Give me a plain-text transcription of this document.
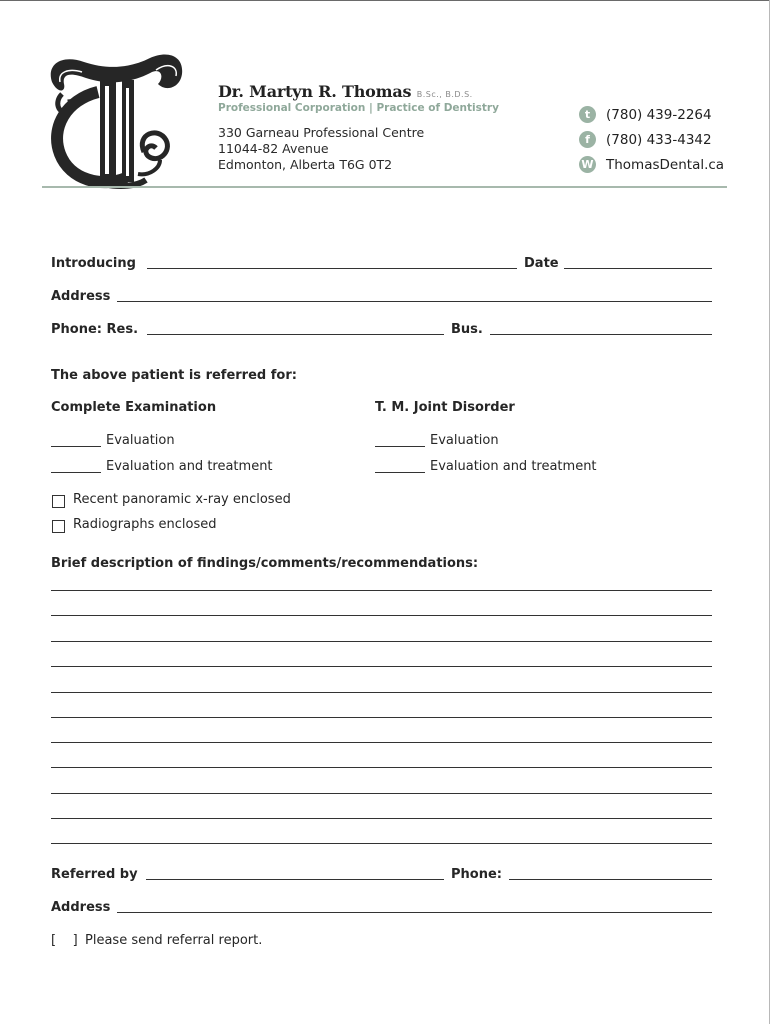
Dr. Martyn R. Thomas B.Sc., B.D.S.
Professional Corporation | Practice of Dentistry
330 Garneau Professional Centre
11044-82 Avenue
Edmonton, Alberta T6G 0T2
t	(780) 439-2264
f	(780) 433-4342
W ThomasDental.ca
Introducing	Date
Address
Phone: Res.	Bus.
The above patient is referred for:
Complete Examination	T. M. Joint Disorder
Evaluation	Evaluation
Evaluation and treatment	Evaluation and treatment
Recent panoramic x-ray enclosed
Radiographs enclosed
Brief description of findings/comments/recommendations:
Referred by	Phone:
Address
[    ] Please send referral report.
